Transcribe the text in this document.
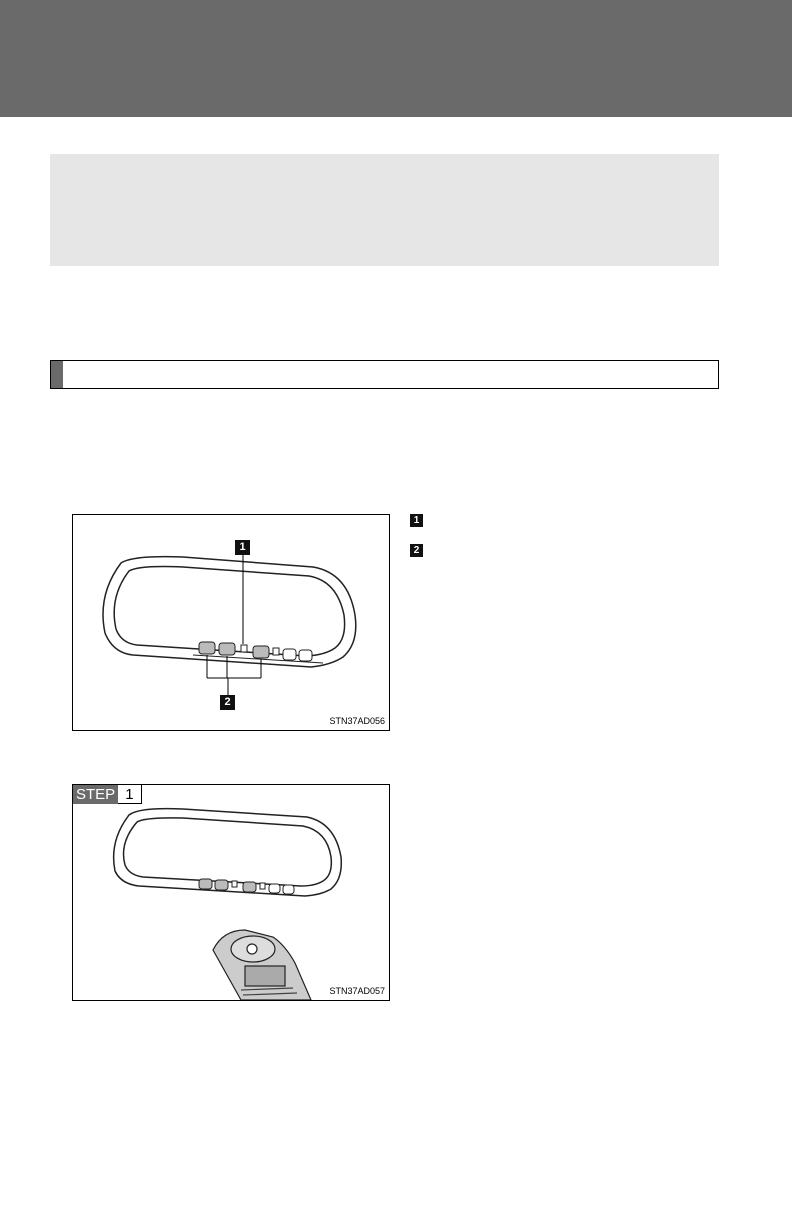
1
2
STN37AD056
1
2
STEP 1
STN37AD057
